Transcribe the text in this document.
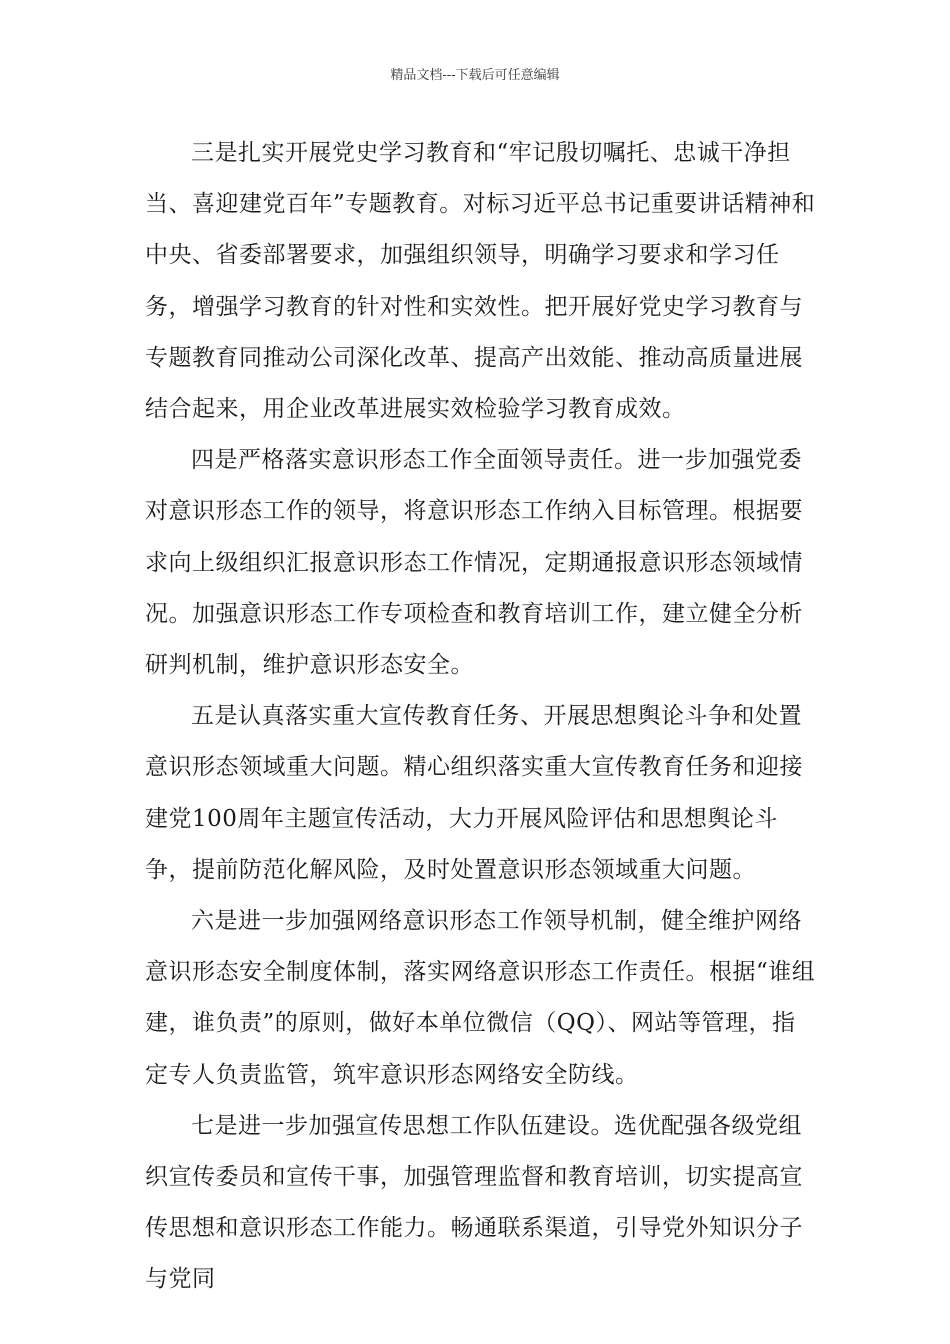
精品文档---下载后可任意编辑

三是扎实开展党史学习教育和“牢记殷切嘱托、忠诚干净担当、喜迎建党百年”专题教育。对标习近平总书记重要讲话精神和中央、省委部署要求，加强组织领导，明确学习要求和学习任务，增强学习教育的针对性和实效性。把开展好党史学习教育与专题教育同推动公司深化改革、提高产出效能、推动高质量进展结合起来，用企业改革进展实效检验学习教育成效。

四是严格落实意识形态工作全面领导责任。进一步加强党委对意识形态工作的领导，将意识形态工作纳入目标管理。根据要求向上级组织汇报意识形态工作情况，定期通报意识形态领域情况。加强意识形态工作专项检查和教育培训工作，建立健全分析研判机制，维护意识形态安全。

五是认真落实重大宣传教育任务、开展思想舆论斗争和处置意识形态领域重大问题。精心组织落实重大宣传教育任务和迎接建党100周年主题宣传活动，大力开展风险评估和思想舆论斗争，提前防范化解风险，及时处置意识形态领域重大问题。

六是进一步加强网络意识形态工作领导机制，健全维护网络意识形态安全制度体制，落实网络意识形态工作责任。根据“谁组建，谁负责”的原则，做好本单位微信（QQ）、网站等管理，指定专人负责监管，筑牢意识形态网络安全防线。

七是进一步加强宣传思想工作队伍建设。选优配强各级党组织宣传委员和宣传干事，加强管理监督和教育培训，切实提高宣传思想和意识形态工作能力。畅通联系渠道，引导党外知识分子与党同
